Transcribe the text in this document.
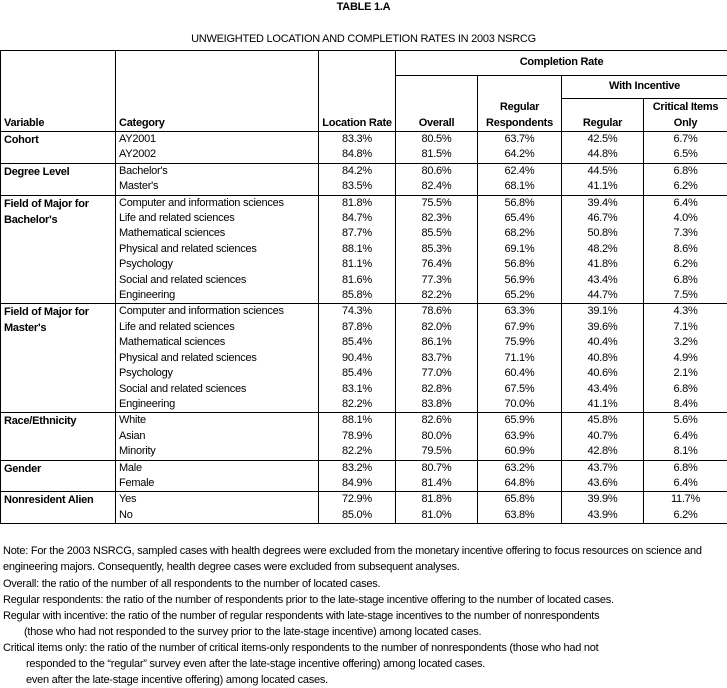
TABLE 1.A
UNWEIGHTED LOCATION AND COMPLETION RATES IN 2003 NSRCG
Variable	Category	Location Rate	Completion Rate			
			Overall	Regular Respondents	With Incentive	
					Regular	Critical Items Only
Cohort	AY2001	83.3%	80.5%	63.7%	42.5%	6.7%
	AY2002	84.8%	81.5%	64.2%	44.8%	6.5%
Degree Level	Bachelor's	84.2%	80.6%	62.4%	44.5%	6.8%
	Master's	83.5%	82.4%	68.1%	41.1%	6.2%
Field of Major for Bachelor's	Computer and information sciences	81.8%	75.5%	56.8%	39.4%	6.4%
	Life and related sciences	84.7%	82.3%	65.4%	46.7%	4.0%
	Mathematical sciences	87.7%	85.5%	68.2%	50.8%	7.3%
	Physical and related sciences	88.1%	85.3%	69.1%	48.2%	8.6%
	Psychology	81.1%	76.4%	56.8%	41.8%	6.2%
	Social and related sciences	81.6%	77.3%	56.9%	43.4%	6.8%
	Engineering	85.8%	82.2%	65.2%	44.7%	7.5%
Field of Major for Master's	Computer and information sciences	74.3%	78.6%	63.3%	39.1%	4.3%
	Life and related sciences	87.8%	82.0%	67.9%	39.6%	7.1%
	Mathematical sciences	85.4%	86.1%	75.9%	40.4%	3.2%
	Physical and related sciences	90.4%	83.7%	71.1%	40.8%	4.9%
	Psychology	85.4%	77.0%	60.4%	40.6%	2.1%
	Social and related sciences	83.1%	82.8%	67.5%	43.4%	6.8%
	Engineering	82.2%	83.8%	70.0%	41.1%	8.4%
Race/Ethnicity	White	88.1%	82.6%	65.9%	45.8%	5.6%
	Asian	78.9%	80.0%	63.9%	40.7%	6.4%
	Minority	82.2%	79.5%	60.9%	42.8%	8.1%
Gender	Male	83.2%	80.7%	63.2%	43.7%	6.8%
	Female	84.9%	81.4%	64.8%	43.6%	6.4%
Nonresident Alien	Yes	72.9%	81.8%	65.8%	39.9%	11.7%
	No	85.0%	81.0%	63.8%	43.9%	6.2%

Note: For the 2003 NSRCG, sampled cases with health degrees were excluded from the monetary incentive offering to focus resources on science and engineering majors. Consequently, health degree cases were excluded from subsequent analyses.

Overall: the ratio of the number of all respondents to the number of located cases.

Regular respondents: the ratio of the number of respondents prior to the late-stage incentive offering to the number of located cases.

Regular with incentive: the ratio of the number of regular respondents with late-stage incentives to the number of nonrespondents

(those who had not responded to the survey prior to the late-stage incentive) among located cases.

Critical items only: the ratio of the number of critical items-only respondents to the number of nonrespondents (those who had not

responded to the “regular” survey even after the late-stage incentive offering) among located cases.

even after the late-stage incentive offering) among located cases.
